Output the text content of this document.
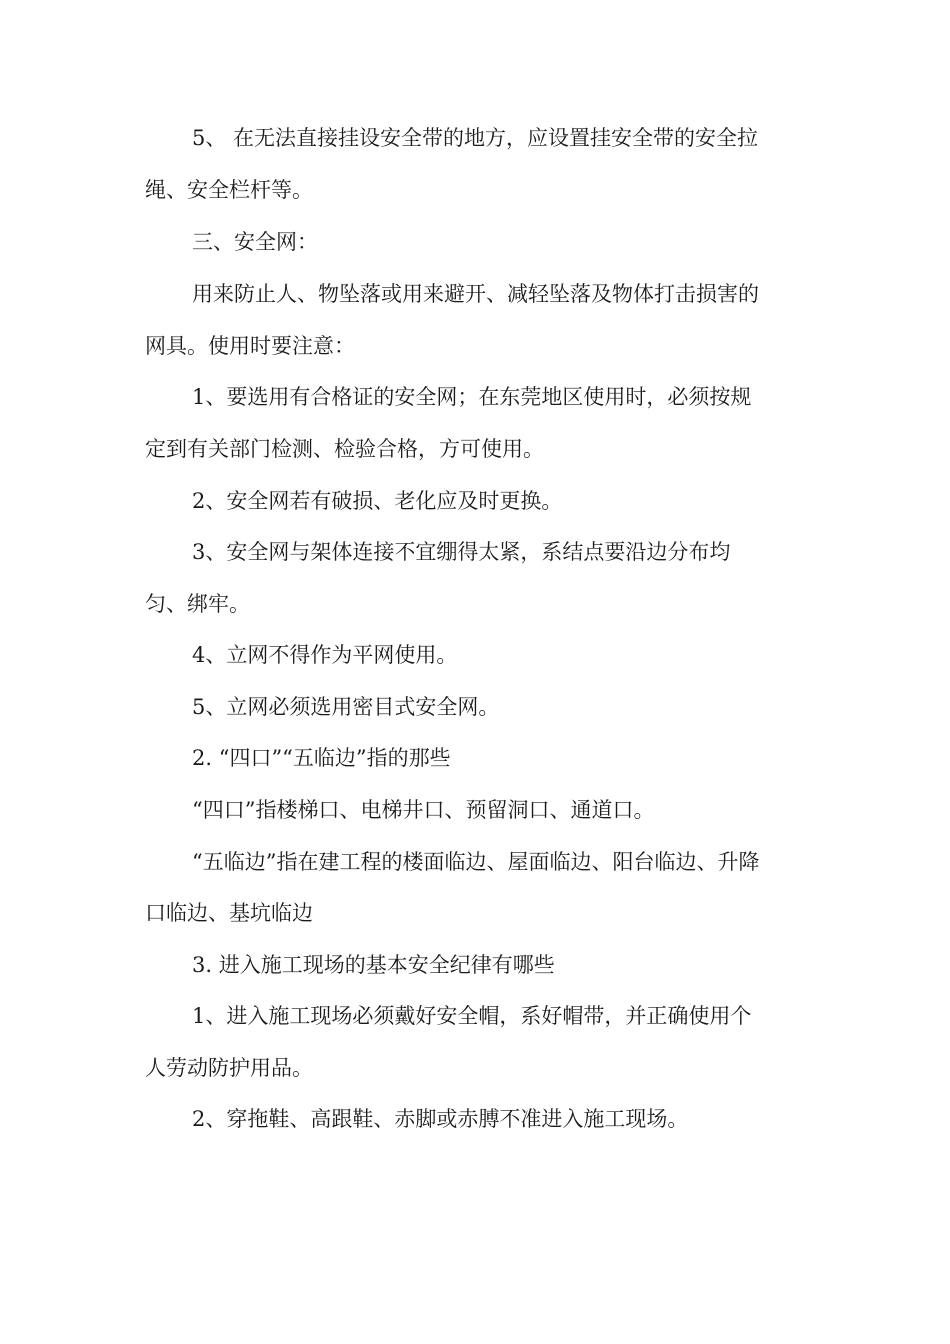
5、 在无法直接挂设安全带的地方，应设置挂安全带的安全拉

绳、安全栏杆等。

三、安全网：

用来防止人、物坠落或用来避开、减轻坠落及物体打击损害的

网具。使用时要注意：

1、要选用有合格证的安全网；在东莞地区使用时，必须按规

定到有关部门检测、检验合格，方可使用。

2、安全网若有破损、老化应及时更换。

3、安全网与架体连接不宜绷得太紧，系结点要沿边分布均

匀、绑牢。

4、立网不得作为平网使用。

5、立网必须选用密目式安全网。

2. “四口”“五临边”指的那些

“四口”指楼梯口、电梯井口、预留洞口、通道口。

“五临边”指在建工程的楼面临边、屋面临边、阳台临边、升降

口临边、基坑临边

3. 进入施工现场的基本安全纪律有哪些

1、进入施工现场必须戴好安全帽，系好帽带，并正确使用个

人劳动防护用品。

2、穿拖鞋、高跟鞋、赤脚或赤膊不准进入施工现场。
